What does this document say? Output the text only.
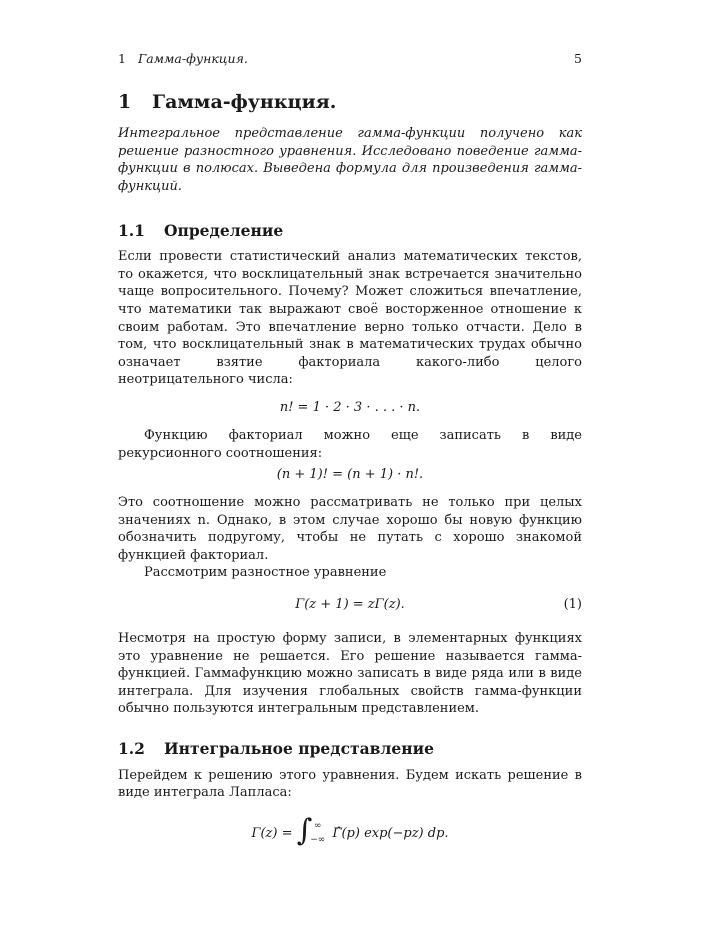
1 Гамма-функция.	5
1	Гамма-функция.

Интегральное представление гамма-функции получено как решение разностного уравнения. Исследовано поведение гамма-функции в полюсах. Выведена формула для произведения гамма-функций.

1.1	Определение

Если провести статистический анализ математических текстов, то окажется, что восклицательный знак встречается значительно чаще вопросительного. Почему? Может сложиться впечатление, что математики так выражают своё восторженное отношение к своим работам. Это впечатление верно только отчасти. Дело в том, что восклицательный знак в математических трудах обычно означает взятие факториала какого-либо целого неотрицательного числа:

n! = 1 · 2 · 3 · . . . · n.

Функцию факториал можно еще записать в виде рекурсионного соотношения:

(n + 1)! = (n + 1) · n!.

Это соотношение можно рассматривать не только при целых значениях n. Однако, в этом случае хорошо бы новую функцию обозначить подругому, чтобы не путать с хорошо знакомой функцией факториал.

Рассмотрим разностное уравнение

Γ(z + 1) = zΓ(z).	(1)

Несмотря на простую форму записи, в элементарных функциях это уравнение не решается. Его решение называется гамма-функцией. Гаммафункцию можно записать в виде ряда или в виде интеграла. Для изучения глобальных свойств гамма-функции обычно пользуются интегральным представлением.

1.2	Интегральное представление

Перейдем к решению этого уравнения. Будем искать решение в виде интеграла Лапласа:

Γ(z) = ∫ ∞
−∞ Γ̂(p) exp(−pz) dp.
